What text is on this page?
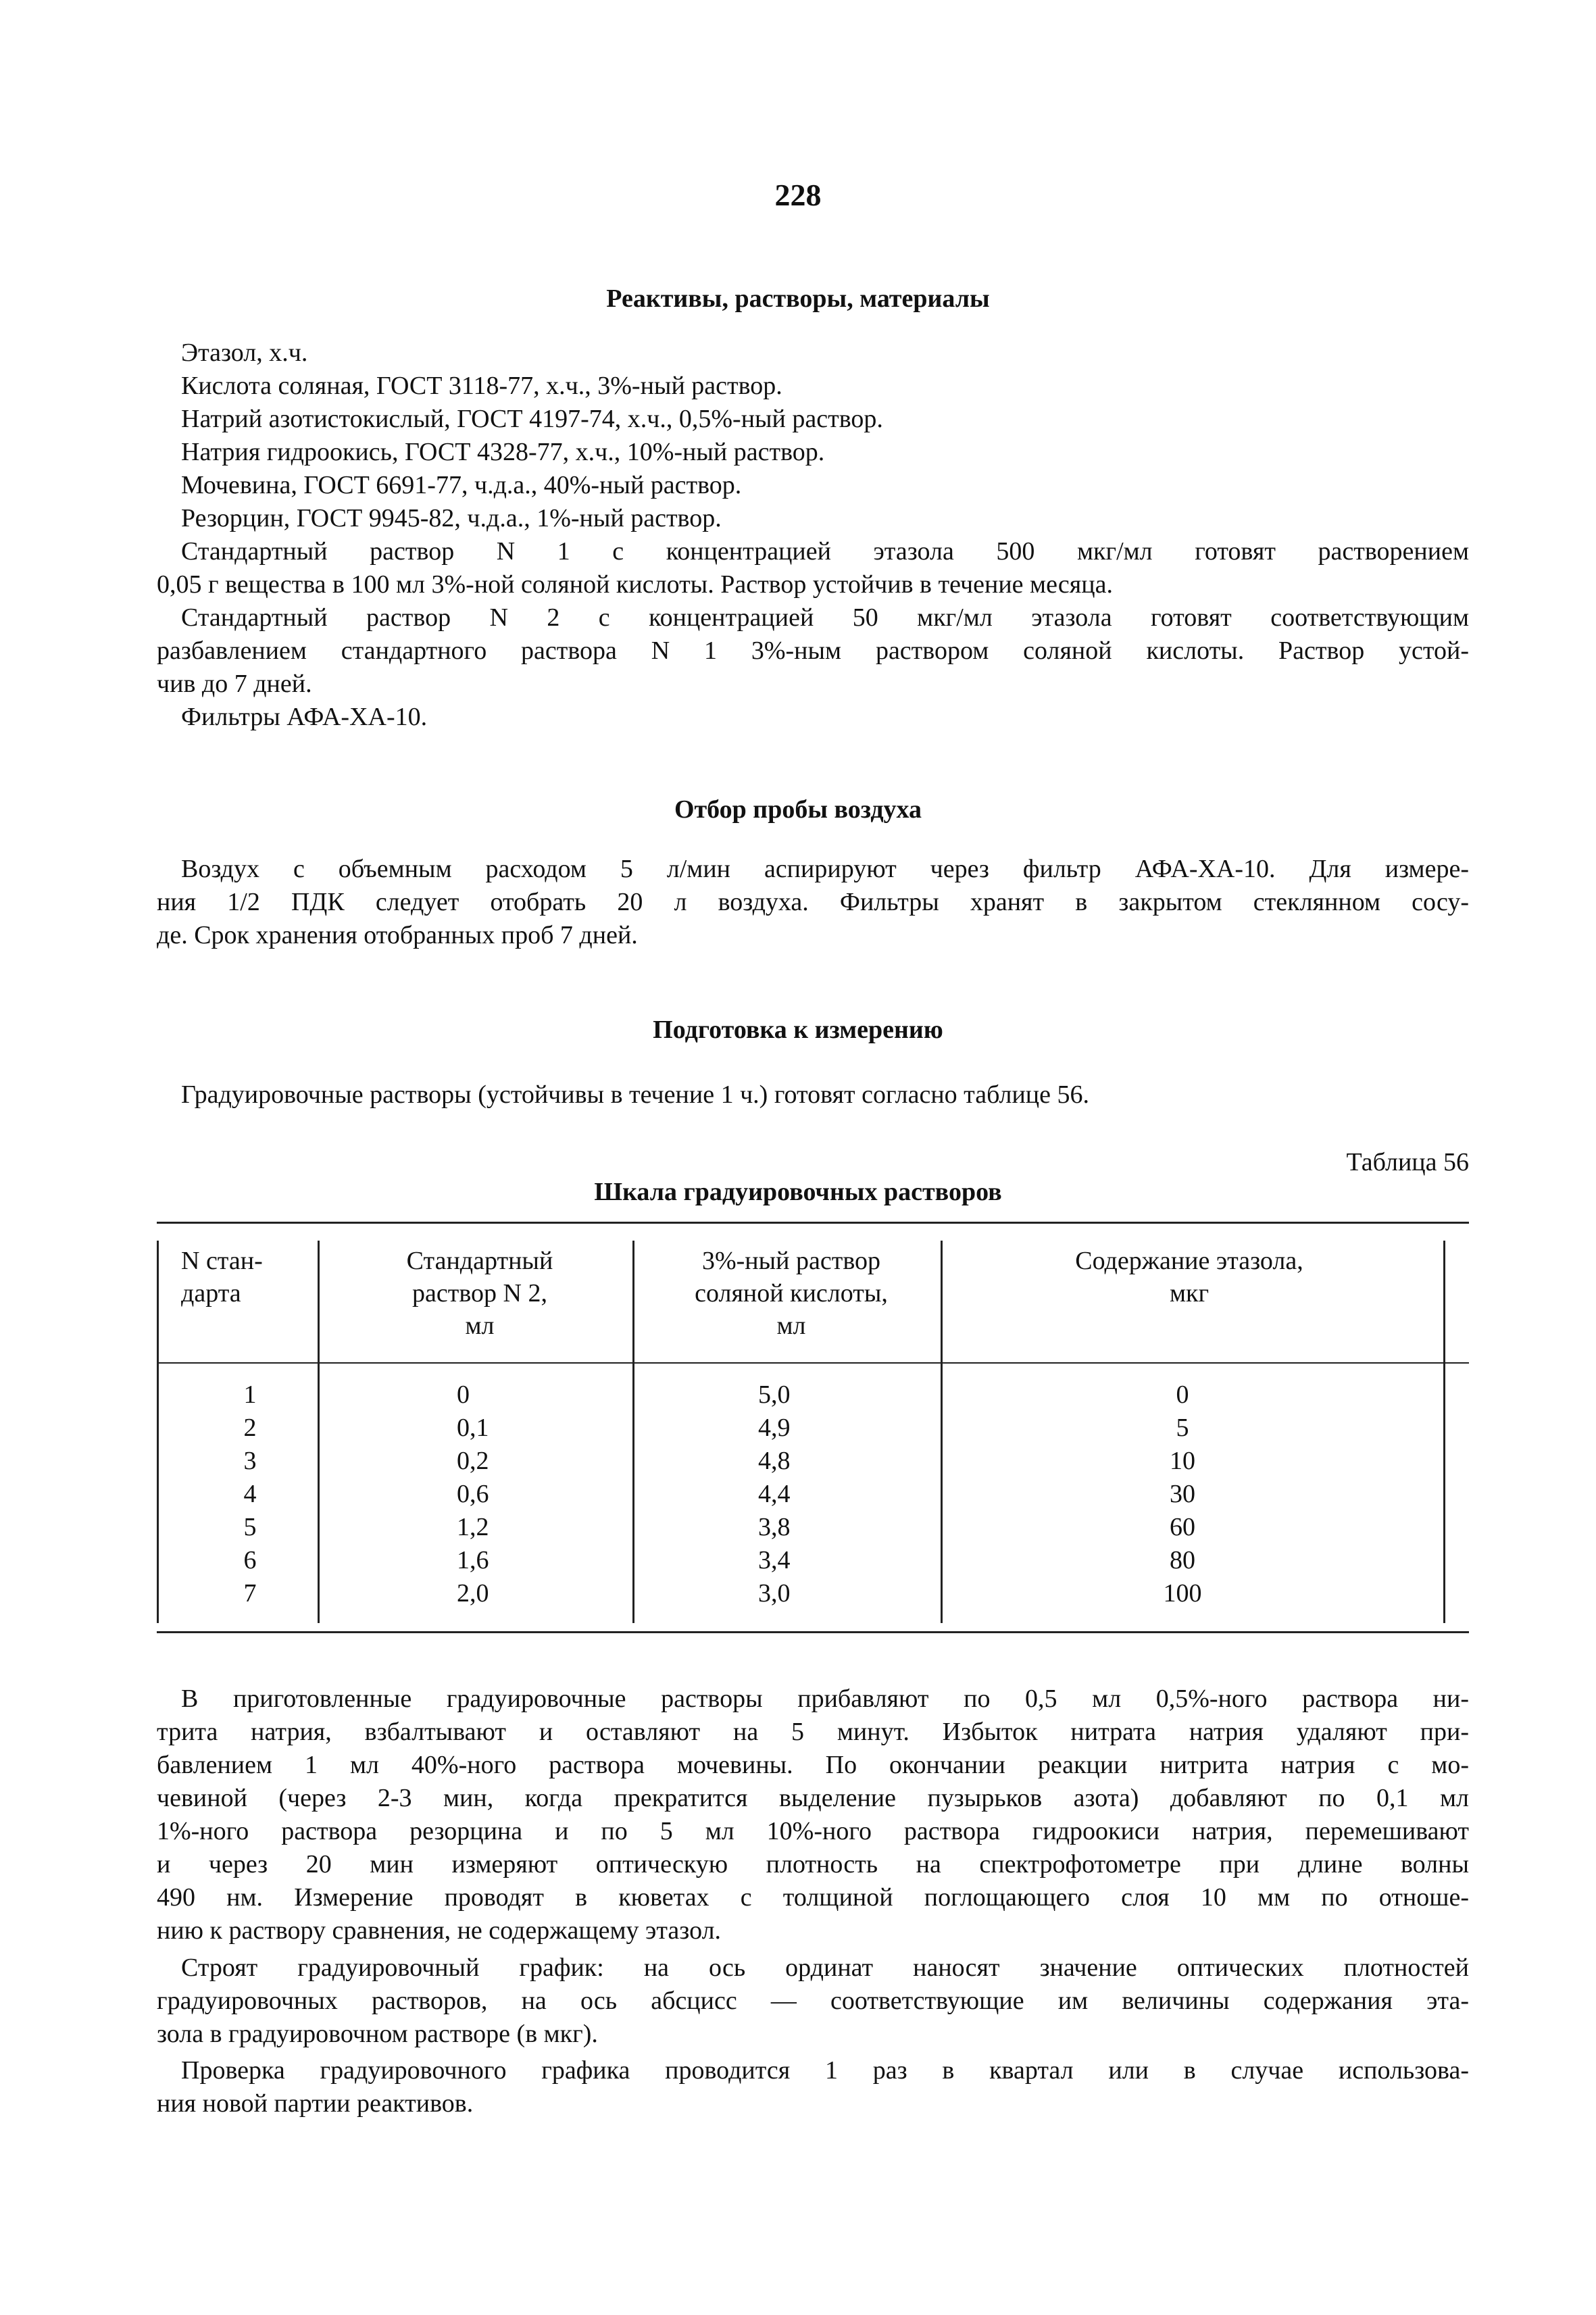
228
Реактивы, растворы, материалы
Этазол, х.ч.
Кислота соляная, ГОСТ 3118-77, х.ч., 3%-ный раствор.
Натрий азотистокислый, ГОСТ 4197-74, х.ч., 0,5%-ный раствор.
Натрия гидроокись, ГОСТ 4328-77, х.ч., 10%-ный раствор.
Мочевина, ГОСТ 6691-77, ч.д.а., 40%-ный раствор.
Резорцин, ГОСТ 9945-82, ч.д.а., 1%-ный раствор.
Стандартный раствор N 1 с концентрацией этазола 500 мкг/мл готовят растворением
0,05 г вещества в 100 мл 3%-ной соляной кислоты. Раствор устойчив в течение месяца.
Стандартный раствор N 2 с концентрацией 50 мкг/мл этазола готовят соответствующим
разбавлением стандартного раствора N 1 3%-ным раствором соляной кислоты. Раствор устой-
чив до 7 дней.
Фильтры АФА-ХА-10.
Отбор пробы воздуха
Воздух с объемным расходом 5 л/мин аспирируют через фильтр АФА-ХА-10. Для измере-
ния 1/2 ПДК следует отобрать 20 л воздуха. Фильтры хранят в закрытом стеклянном сосу-
де. Срок хранения отобранных проб 7 дней.
Подготовка к измерению
Градуировочные растворы (устойчивы в течение 1 ч.) готовят согласно таблице 56.
Таблица 56
Шкала градуировочных растворов
N стан-
дарта
Стандартный
раствор N 2,
мл
3%-ный раствор
соляной кислоты,
мл
Содержание этазола,
мкг
1
2
3
4
5
6
7
0
0,1
0,2
0,6
1,2
1,6
2,0
5,0
4,9
4,8
4,4
3,8
3,4
3,0
0
5
10
30
60
80
100
В приготовленные градуировочные растворы прибавляют по 0,5 мл 0,5%-ного раствора ни-
трита натрия, взбалтывают и оставляют на 5 минут. Избыток нитрата натрия удаляют при-
бавлением 1 мл 40%-ного раствора мочевины. По окончании реакции нитрита натрия с мо-
чевиной (через 2-3 мин, когда прекратится выделение пузырьков азота) добавляют по 0,1 мл
1%-ного раствора резорцина и по 5 мл 10%-ного раствора гидроокиси натрия, перемешивают
и через 20 мин измеряют оптическую плотность на спектрофотометре при длине волны
490 нм. Измерение проводят в кюветах с толщиной поглощающего слоя 10 мм по отноше-
нию к раствору сравнения, не содержащему этазол.
Строят градуировочный график: на ось ординат наносят значение оптических плотностей
градуировочных растворов, на ось абсцисс — соответствующие им величины содержания эта-
зола в градуировочном растворе (в мкг).
Проверка градуировочного графика проводится 1 раз в квартал или в случае использова-
ния новой партии реактивов.
